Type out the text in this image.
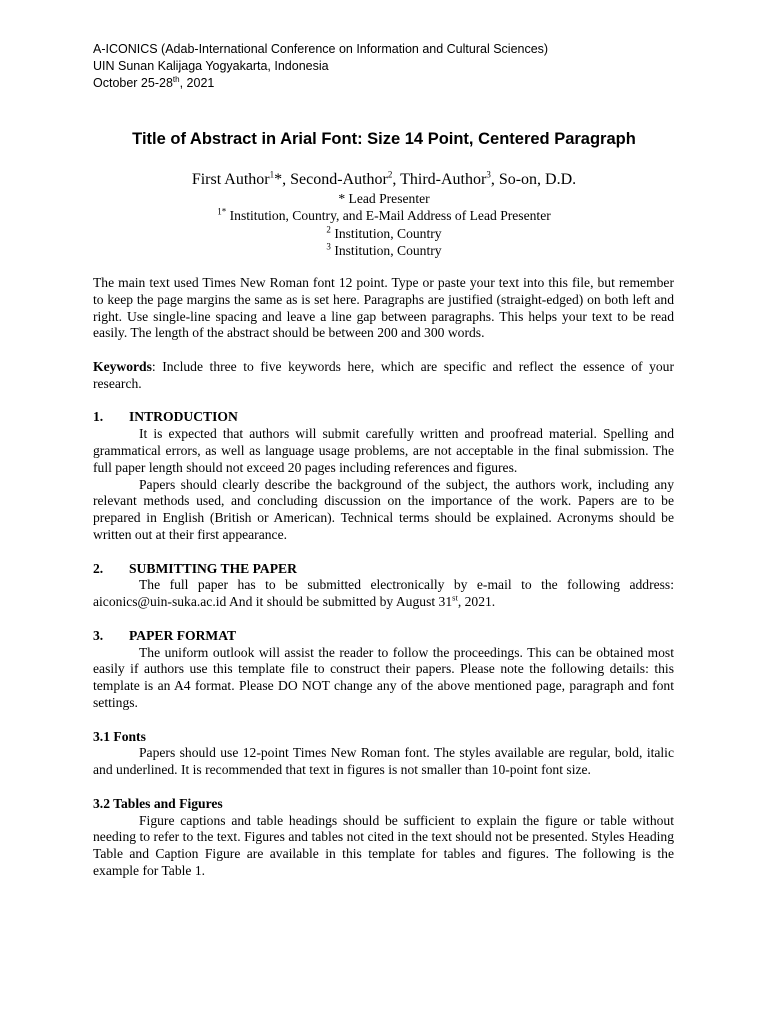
A-ICONICS (Adab-International Conference on Information and Cultural Sciences)
UIN Sunan Kalijaga Yogyakarta, Indonesia
October 25-28th, 2021
Title of Abstract in Arial Font: Size 14 Point, Centered Paragraph
First Author$^1$*, Second-Author$^2$, Third-Author$^3$, So-on, D.D.
* Lead Presenter
$^{1*}$ Institution, Country, and E-Mail Address of Lead Presenter
$^2$ Institution, Country
$^3$ Institution, Country

The main text used Times New Roman font 12 point. Type or paste your text into this file, but remember to keep the page margins the same as is set here. Paragraphs are justified (straight-edged) on both left and right. Use single-line spacing and leave a line gap between paragraphs. This helps your text to be read easily. The length of the abstract should be between 200 and 300 words.

Keywords: Include three to five keywords here, which are specific and reflect the essence of your research.

1. INTRODUCTION

It is expected that authors will submit carefully written and proofread material. Spelling and grammatical errors, as well as language usage problems, are not acceptable in the final submission. The full paper length should not exceed 20 pages including references and figures.

Papers should clearly describe the background of the subject, the authors work, including any relevant methods used, and concluding discussion on the importance of the work. Papers are to be prepared in English (British or American). Technical terms should be explained. Acronyms should be written out at their first appearance.

2. SUBMITTING THE PAPER

The full paper has to be submitted electronically by e-mail to the following address: aiconics@uin-suka.ac.id And it should be submitted by August 31st, 2021.

3. PAPER FORMAT

The uniform outlook will assist the reader to follow the proceedings. This can be obtained most easily if authors use this template file to construct their papers. Please note the following details: this template is an A4 format. Please DO NOT change any of the above mentioned page, paragraph and font settings.

3.1 Fonts

Papers should use 12-point Times New Roman font. The styles available are regular, bold, italic and underlined. It is recommended that text in figures is not smaller than 10-point font size.

3.2 Tables and Figures

Figure captions and table headings should be sufficient to explain the figure or table without needing to refer to the text. Figures and tables not cited in the text should not be presented. Styles Heading Table and Caption Figure are available in this template for tables and figures. The following is the example for Table 1.
